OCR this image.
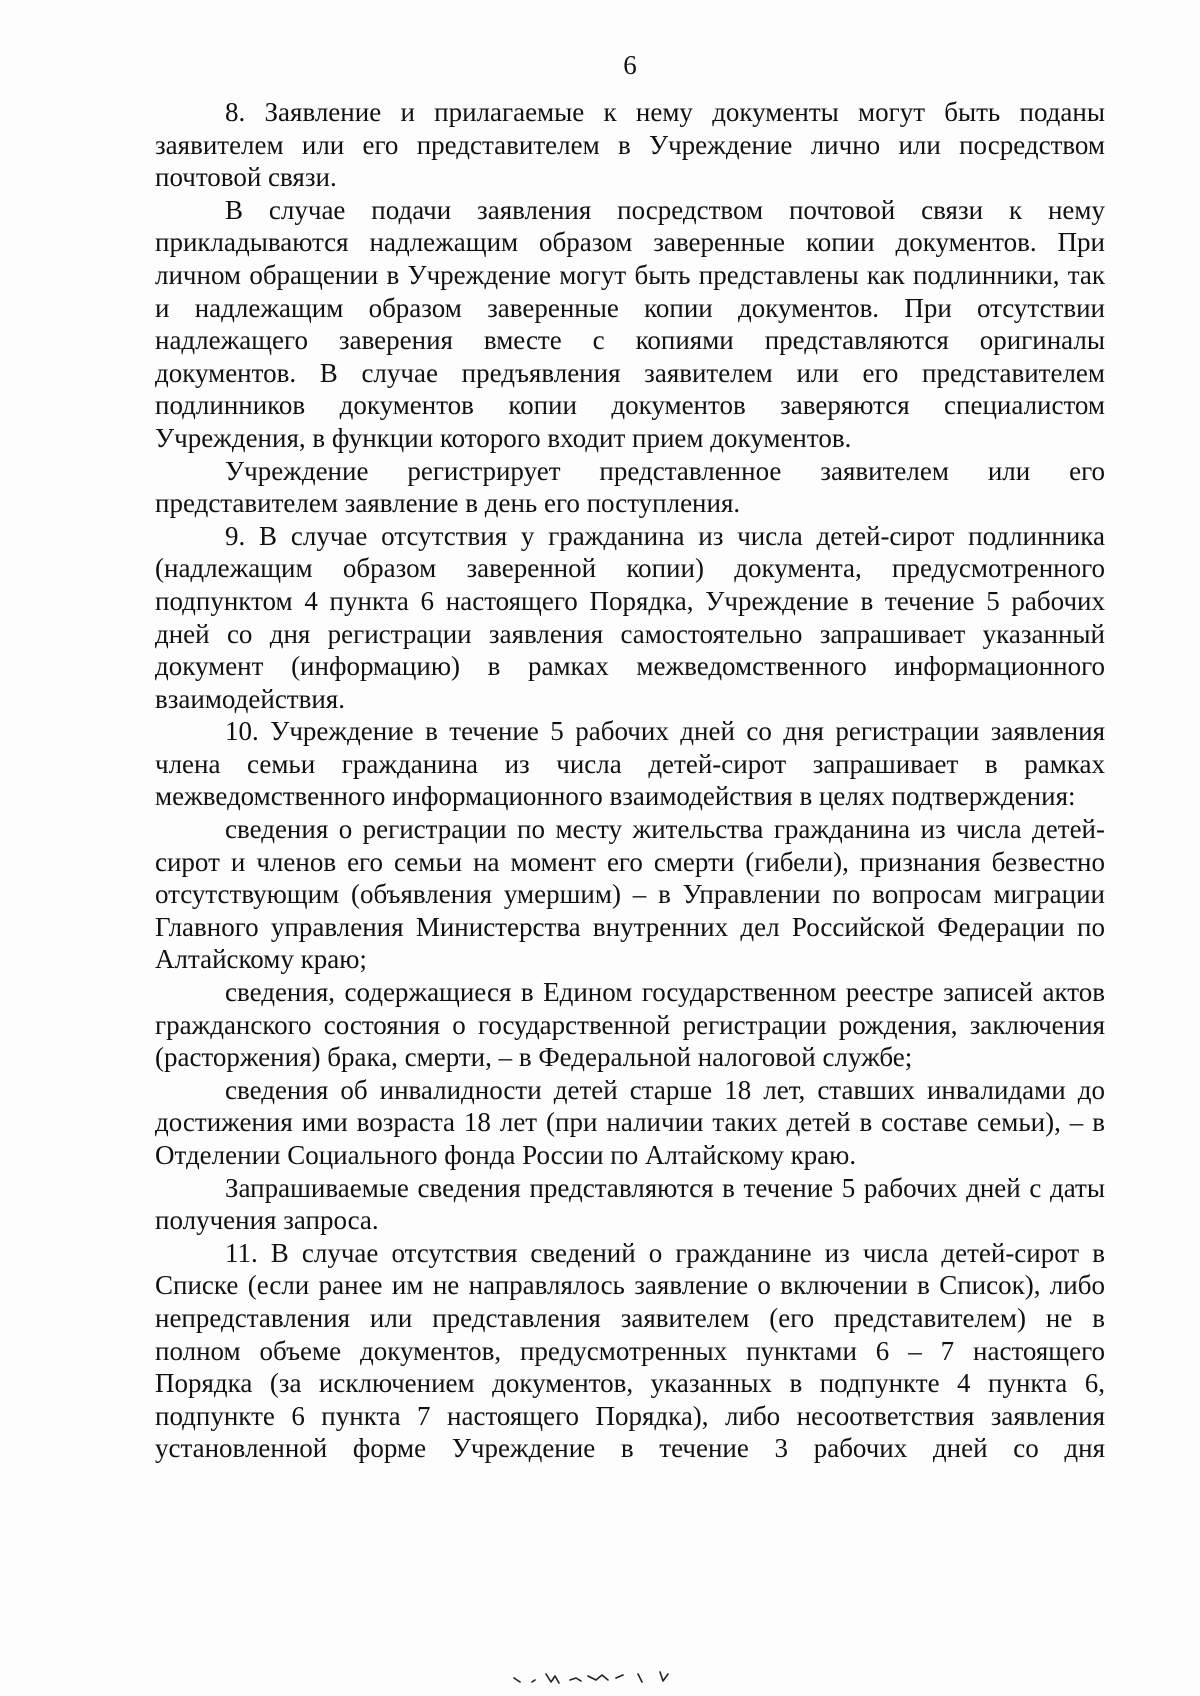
6

8. Заявление и прилагаемые к нему документы могут быть поданы заявителем или его представителем в Учреждение лично или посредством почтовой связи.

В случае подачи заявления посредством почтовой связи к нему прикладываются надлежащим образом заверенные копии документов. При личном обращении в Учреждение могут быть представлены как подлинники, так и надлежащим образом заверенные копии документов. При отсутствии надлежащего заверения вместе с копиями представляются оригиналы документов. В случае предъявления заявителем или его представителем подлинников документов копии документов заверяются специалистом Учреждения, в функции которого входит прием документов.

Учреждение регистрирует представленное заявителем или его представителем заявление в день его поступления.

9. В случае отсутствия у гражданина из числа детей-сирот подлинника (надлежащим образом заверенной копии) документа, предусмотренного подпунктом 4 пункта 6 настоящего Порядка, Учреждение в течение 5 рабочих дней со дня регистрации заявления самостоятельно запрашивает указанный документ (информацию) в рамках межведомственного информационного взаимодействия.

10. Учреждение в течение 5 рабочих дней со дня регистрации заявления члена семьи гражданина из числа детей-сирот запрашивает в рамках межведомственного информационного взаимодействия в целях подтверждения:

сведения о регистрации по месту жительства гражданина из числа детей-сирот и членов его семьи на момент его смерти (гибели), признания безвестно отсутствующим (объявления умершим) – в Управлении по вопросам миграции Главного управления Министерства внутренних дел Российской Федерации по Алтайскому краю;

сведения, содержащиеся в Едином государственном реестре записей актов гражданского состояния о государственной регистрации рождения, заключения (расторжения) брака, смерти, – в Федеральной налоговой службе;

сведения об инвалидности детей старше 18 лет, ставших инвалидами до достижения ими возраста 18 лет (при наличии таких детей в составе семьи), – в Отделении Социального фонда России по Алтайскому краю.

Запрашиваемые сведения представляются в течение 5 рабочих дней с даты получения запроса.

11. В случае отсутствия сведений о гражданине из числа детей-сирот в Списке (если ранее им не направлялось заявление о включении в Список), либо непредставления или представления заявителем (его представителем) не в полном объеме документов, предусмотренных пунктами 6 – 7 настоящего Порядка (за исключением документов, указанных в подпункте 4 пункта 6, подпункте 6 пункта 7 настоящего Порядка), либо несоответствия заявления установленной форме Учреждение в течение 3 рабочих дней со дня
